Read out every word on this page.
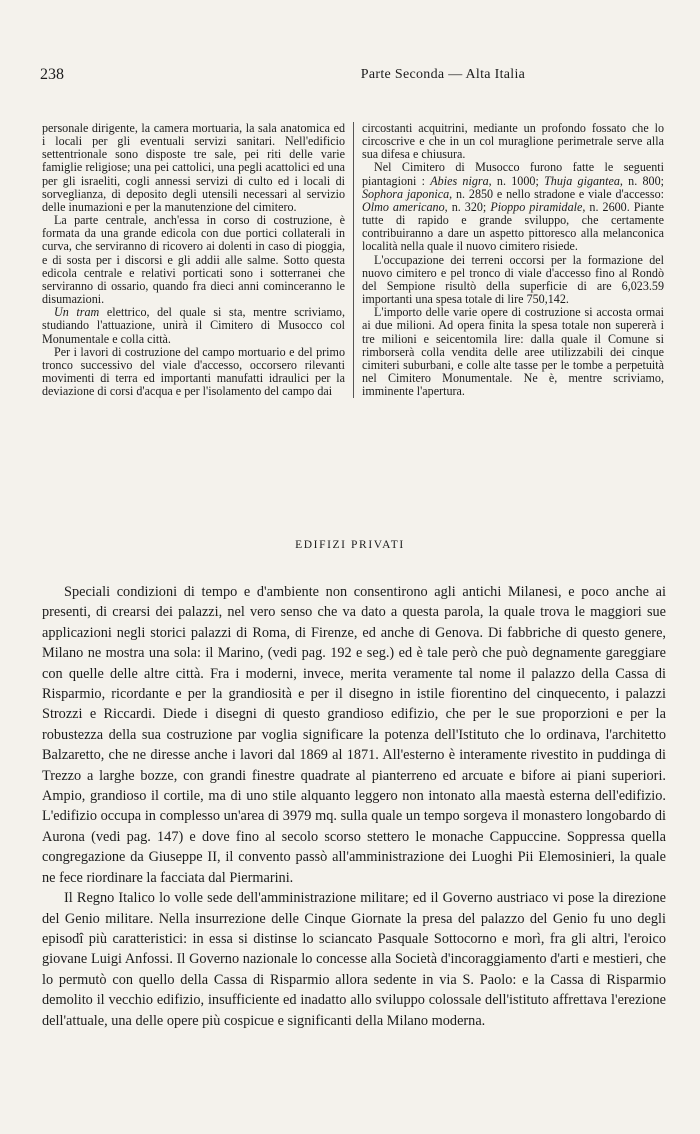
238	Parte Seconda — Alta Italia

personale dirigente, la camera mortuaria, la sala anatomica ed i locali per gli eventuali servizi sanitari. Nell'edificio settentrionale sono disposte tre sale, pei riti delle varie famiglie religiose; una pei cattolici, una pegli acattolici ed una per gli israeliti, cogli annessi servizi di culto ed i locali di sorveglianza, di deposito degli utensili necessari al servizio delle inumazioni e per la manutenzione del cimitero.

La parte centrale, anch'essa in corso di costruzione, è formata da una grande edicola con due portici collaterali in curva, che serviranno di ricovero ai dolenti in caso di pioggia, e di sosta per i discorsi e gli addii alle salme. Sotto questa edicola centrale e relativi porticati sono i sotterranei che serviranno di ossario, quando fra dieci anni cominceranno le disumazioni.

Un tram elettrico, del quale si sta, mentre scriviamo, studiando l'attuazione, unirà il Cimitero di Musocco col Monumentale e colla città.

Per i lavori di costruzione del campo mortuario e del primo tronco successivo del viale d'accesso, occorsero rilevanti movimenti di terra ed importanti manufatti idraulici per la deviazione di corsi d'acqua e per l'isolamento del campo dai

circostanti acquitrini, mediante un profondo fossato che lo circoscrive e che in un col muraglione perimetrale serve alla sua difesa e chiusura.

Nel Cimitero di Musocco furono fatte le seguenti piantagioni : Abies nigra, n. 1000; Thuja gigantea, n. 800; Sophora japonica, n. 2850 e nello stradone e viale d'accesso: Olmo americano, n. 320; Pioppo piramidale, n. 2600. Piante tutte di rapido e grande sviluppo, che certamente contribuiranno a dare un aspetto pittoresco alla melanconica località nella quale il nuovo cimitero risiede.

L'occupazione dei terreni occorsi per la formazione del nuovo cimitero e pel tronco di viale d'accesso fino al Rondò del Sempione risultò della superficie di are 6,023.59 importanti una spesa totale di lire 750,142.

L'importo delle varie opere di costruzione si accosta ormai ai due milioni. Ad opera finita la spesa totale non supererà i tre milioni e seicentomila lire: dalla quale il Comune si rimborserà colla vendita delle aree utilizzabili dei cinque cimiteri suburbani, e colle alte tasse per le tombe a perpetuità nel Cimitero Monumentale. Ne è, mentre scriviamo, imminente l'apertura.

EDIFIZI PRIVATI

Speciali condizioni di tempo e d'ambiente non consentirono agli antichi Milanesi, e poco anche ai presenti, di crearsi dei palazzi, nel vero senso che va dato a questa parola, la quale trova le maggiori sue applicazioni negli storici palazzi di Roma, di Firenze, ed anche di Genova. Di fabbriche di questo genere, Milano ne mostra una sola: il Marino, (vedi pag. 192 e seg.) ed è tale però che può degnamente gareggiare con quelle delle altre città. Fra i moderni, invece, merita veramente tal nome il palazzo della Cassa di Risparmio, ricordante e per la grandiosità e per il disegno in istile fiorentino del cinquecento, i palazzi Strozzi e Riccardi. Diede i disegni di questo grandioso edifizio, che per le sue proporzioni e per la robustezza della sua costruzione par voglia significare la potenza dell'Istituto che lo ordinava, l'architetto Balzaretto, che ne diresse anche i lavori dal 1869 al 1871. All'esterno è interamente rivestito in puddinga di Trezzo a larghe bozze, con grandi finestre quadrate al pianterreno ed arcuate e bifore ai piani superiori. Ampio, grandioso il cortile, ma di uno stile alquanto leggero non intonato alla maestà esterna dell'edifizio. L'edifizio occupa in complesso un'area di 3979 mq. sulla quale un tempo sorgeva il monastero longobardo di Aurona (vedi pag. 147) e dove fino al secolo scorso stettero le monache Cappuccine. Soppressa quella congregazione da Giuseppe II, il convento passò all'amministrazione dei Luoghi Pii Elemosinieri, la quale ne fece riordinare la facciata dal Piermarini.

Il Regno Italico lo volle sede dell'amministrazione militare; ed il Governo austriaco vi pose la direzione del Genio militare. Nella insurrezione delle Cinque Giornate la presa del palazzo del Genio fu uno degli episodî più caratteristici: in essa si distinse lo sciancato Pasquale Sottocorno e morì, fra gli altri, l'eroico giovane Luigi Anfossi. Il Governo nazionale lo concesse alla Società d'incoraggiamento d'arti e mestieri, che lo permutò con quello della Cassa di Risparmio allora sedente in via S. Paolo: e la Cassa di Risparmio demolito il vecchio edifizio, insufficiente ed inadatto allo sviluppo colossale dell'istituto affrettava l'erezione dell'attuale, una delle opere più cospicue e significanti della Milano moderna.
